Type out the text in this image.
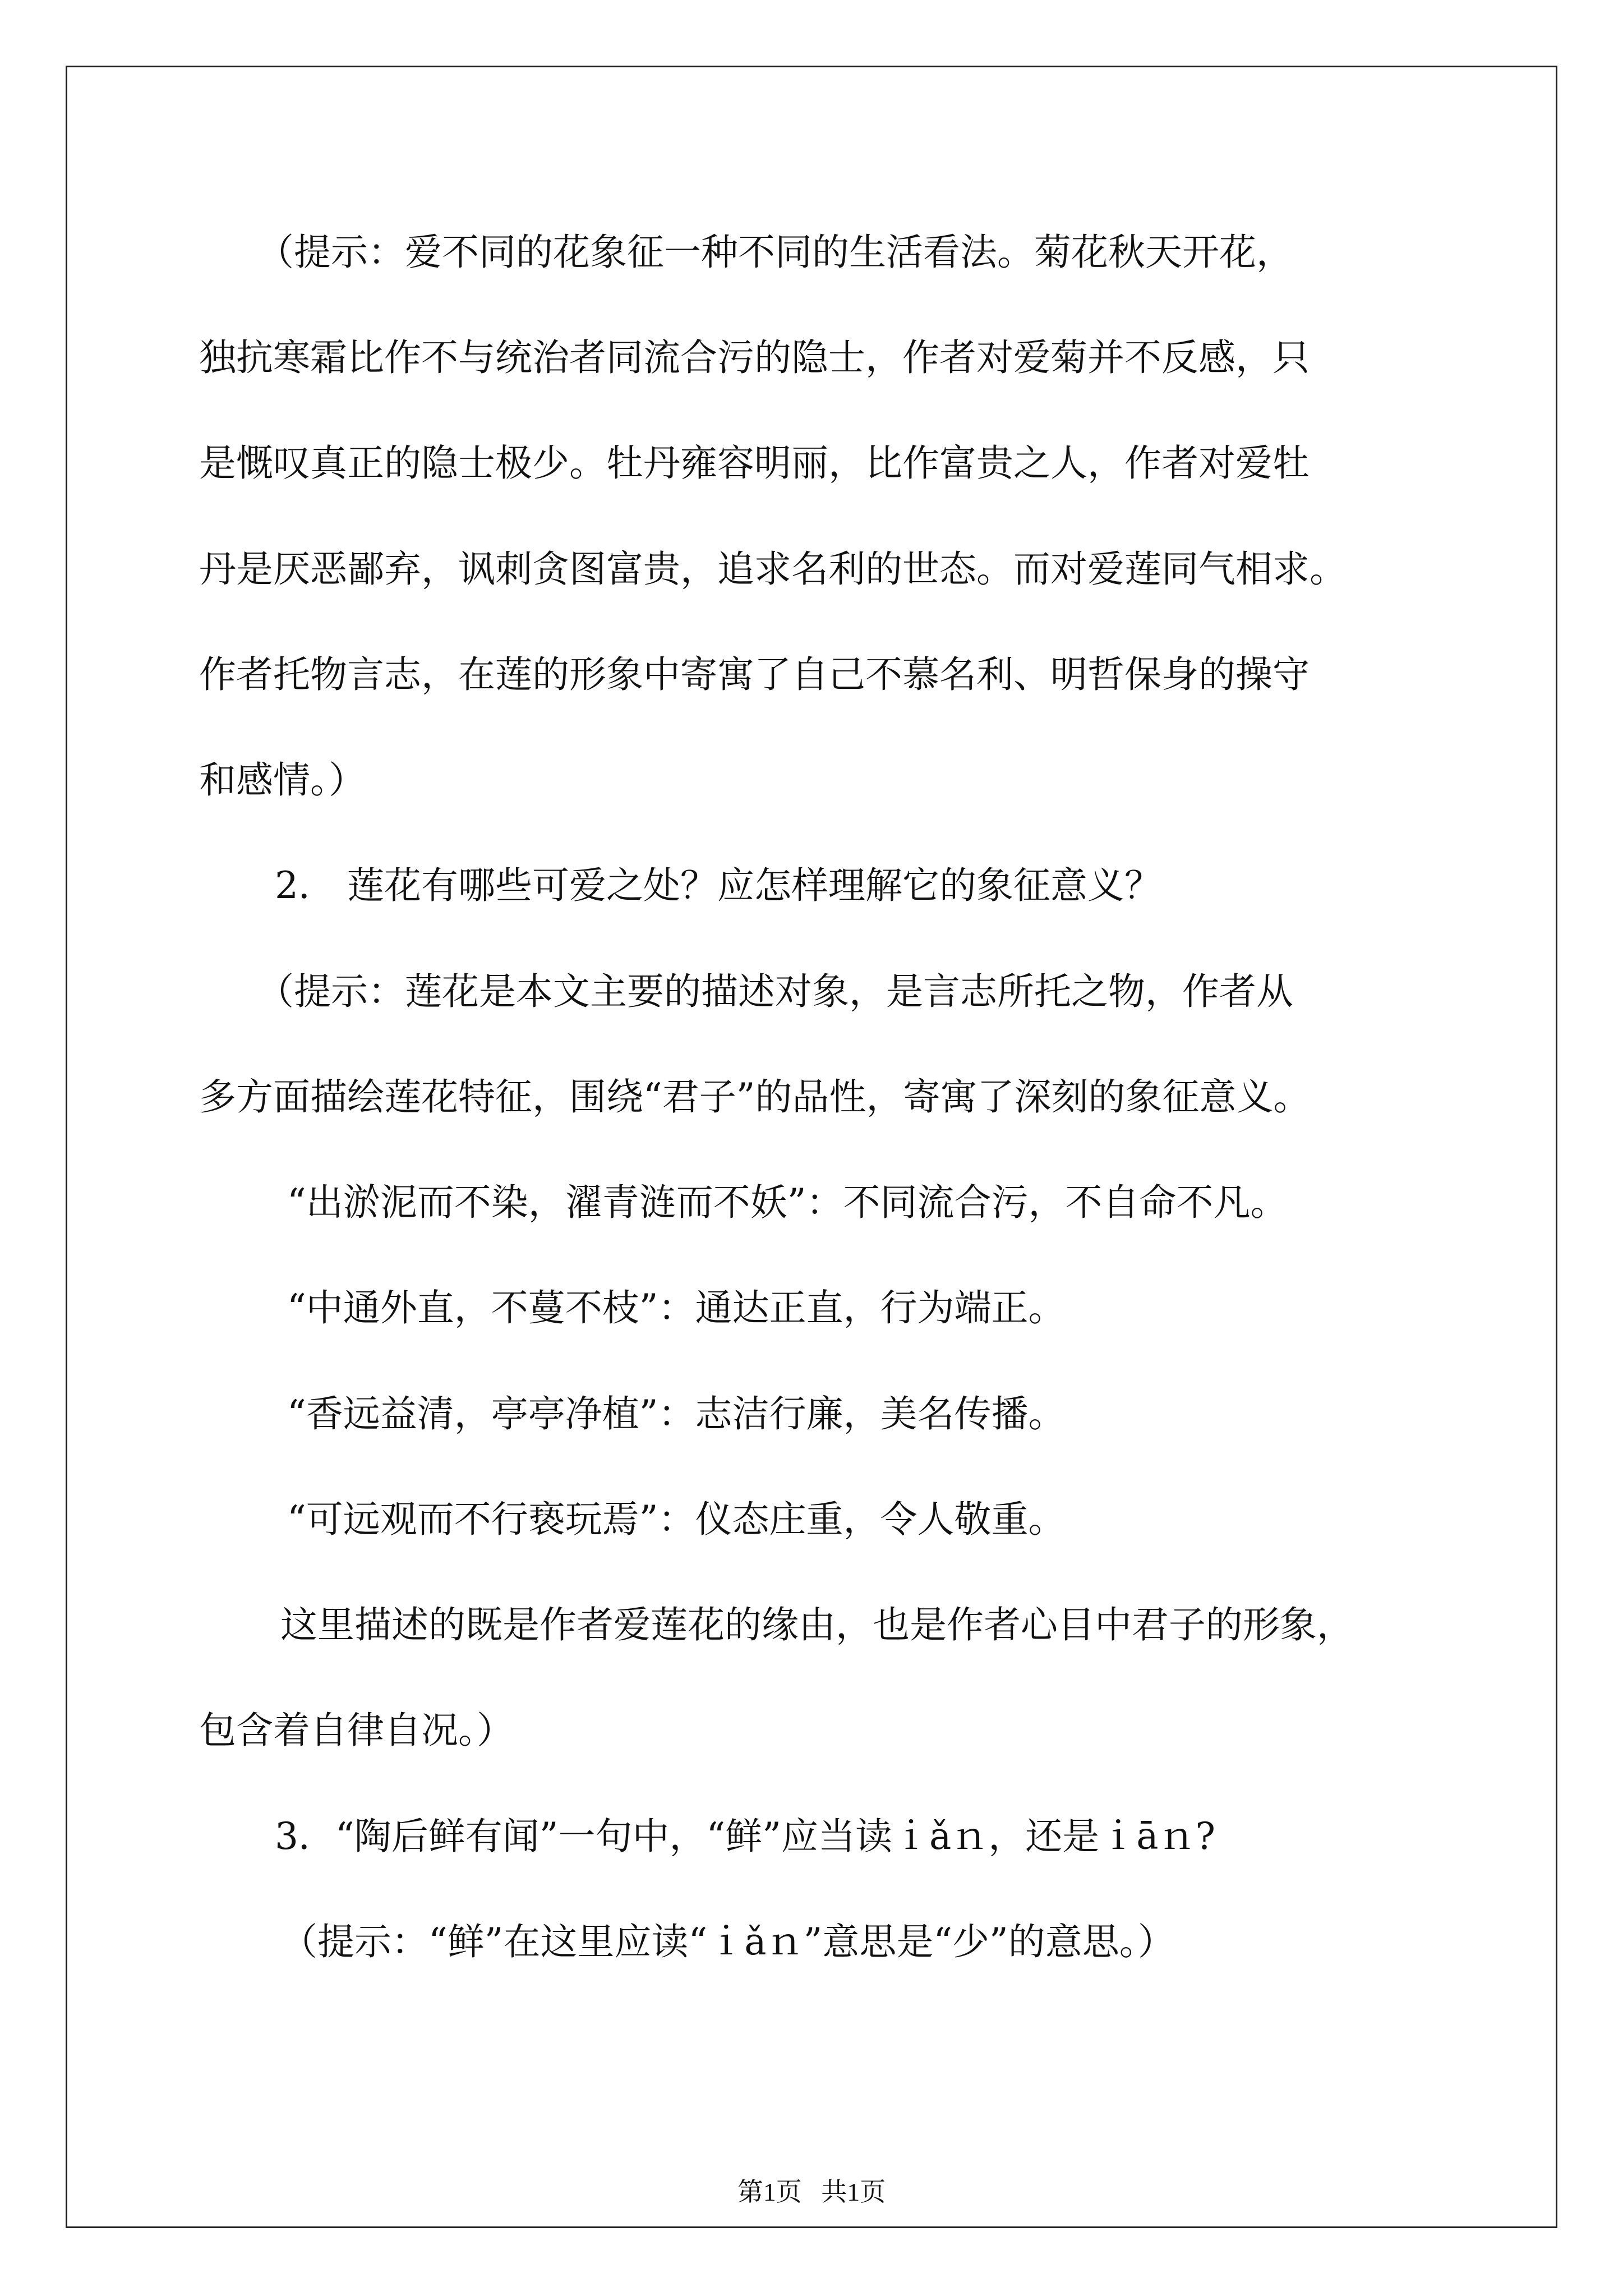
（提示：爱不同的花象征一种不同的生活看法。菊花秋天开花，

独抗寒霜比作不与统治者同流合污的隐士，作者对爱菊并不反感，只

是慨叹真正的隐士极少。牡丹雍容明丽，比作富贵之人，作者对爱牡

丹是厌恶鄙弃，讽刺贪图富贵，追求名利的世态。而对爱莲同气相求。

作者托物言志，在莲的形象中寄寓了自己不慕名利、明哲保身的操守

和感情。）

2． 莲花有哪些可爱之处？应怎样理解它的象征意义？

（提示：莲花是本文主要的描述对象，是言志所托之物，作者从

多方面描绘莲花特征，围绕“君子”的品性，寄寓了深刻的象征意义。

“出淤泥而不染，濯青涟而不妖”：不同流合污，不自命不凡。

“中通外直，不蔓不枝”：通达正直，行为端正。

“香远益清，亭亭净植”：志洁行廉，美名传播。

“可远观而不行亵玩焉”：仪态庄重，令人敬重。

这里描述的既是作者爱莲花的缘由，也是作者心目中君子的形象，

包含着自律自况。）

3．“陶后鲜有闻”一句中，“鲜”应当读ｉǎｎ，还是ｉāｎ?

（提示：“鲜”在这里应读“ｉǎｎ”意思是“少”的意思。）

第1页   共1页
